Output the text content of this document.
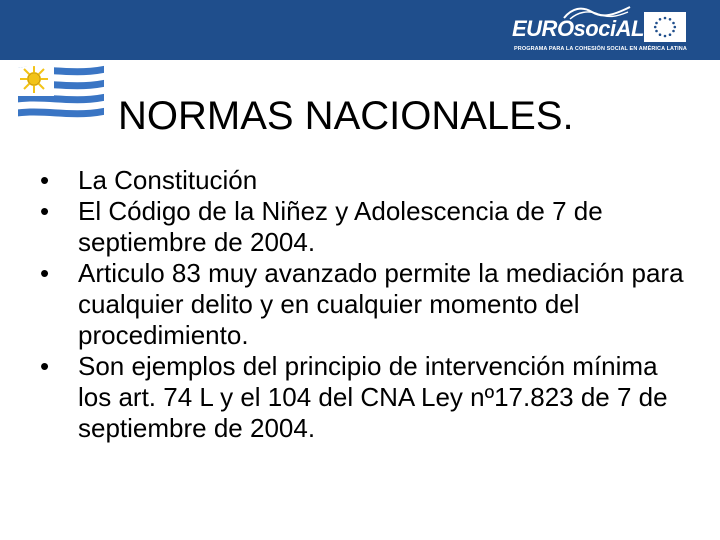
EUROsociAL
PROGRAMA PARA LA COHESIÓN SOCIAL EN AMÉRICA LATINA
NORMAS NACIONALES.
• La Constitución
• El Código de la Niñez y Adolescencia de 7 de septiembre de 2004.
• Articulo 83 muy avanzado permite la mediación para cualquier delito y en cualquier momento del procedimiento.
• Son ejemplos del principio de intervención mínima los art. 74 L y el 104 del CNA Ley nº17.823 de 7 de septiembre de 2004.
